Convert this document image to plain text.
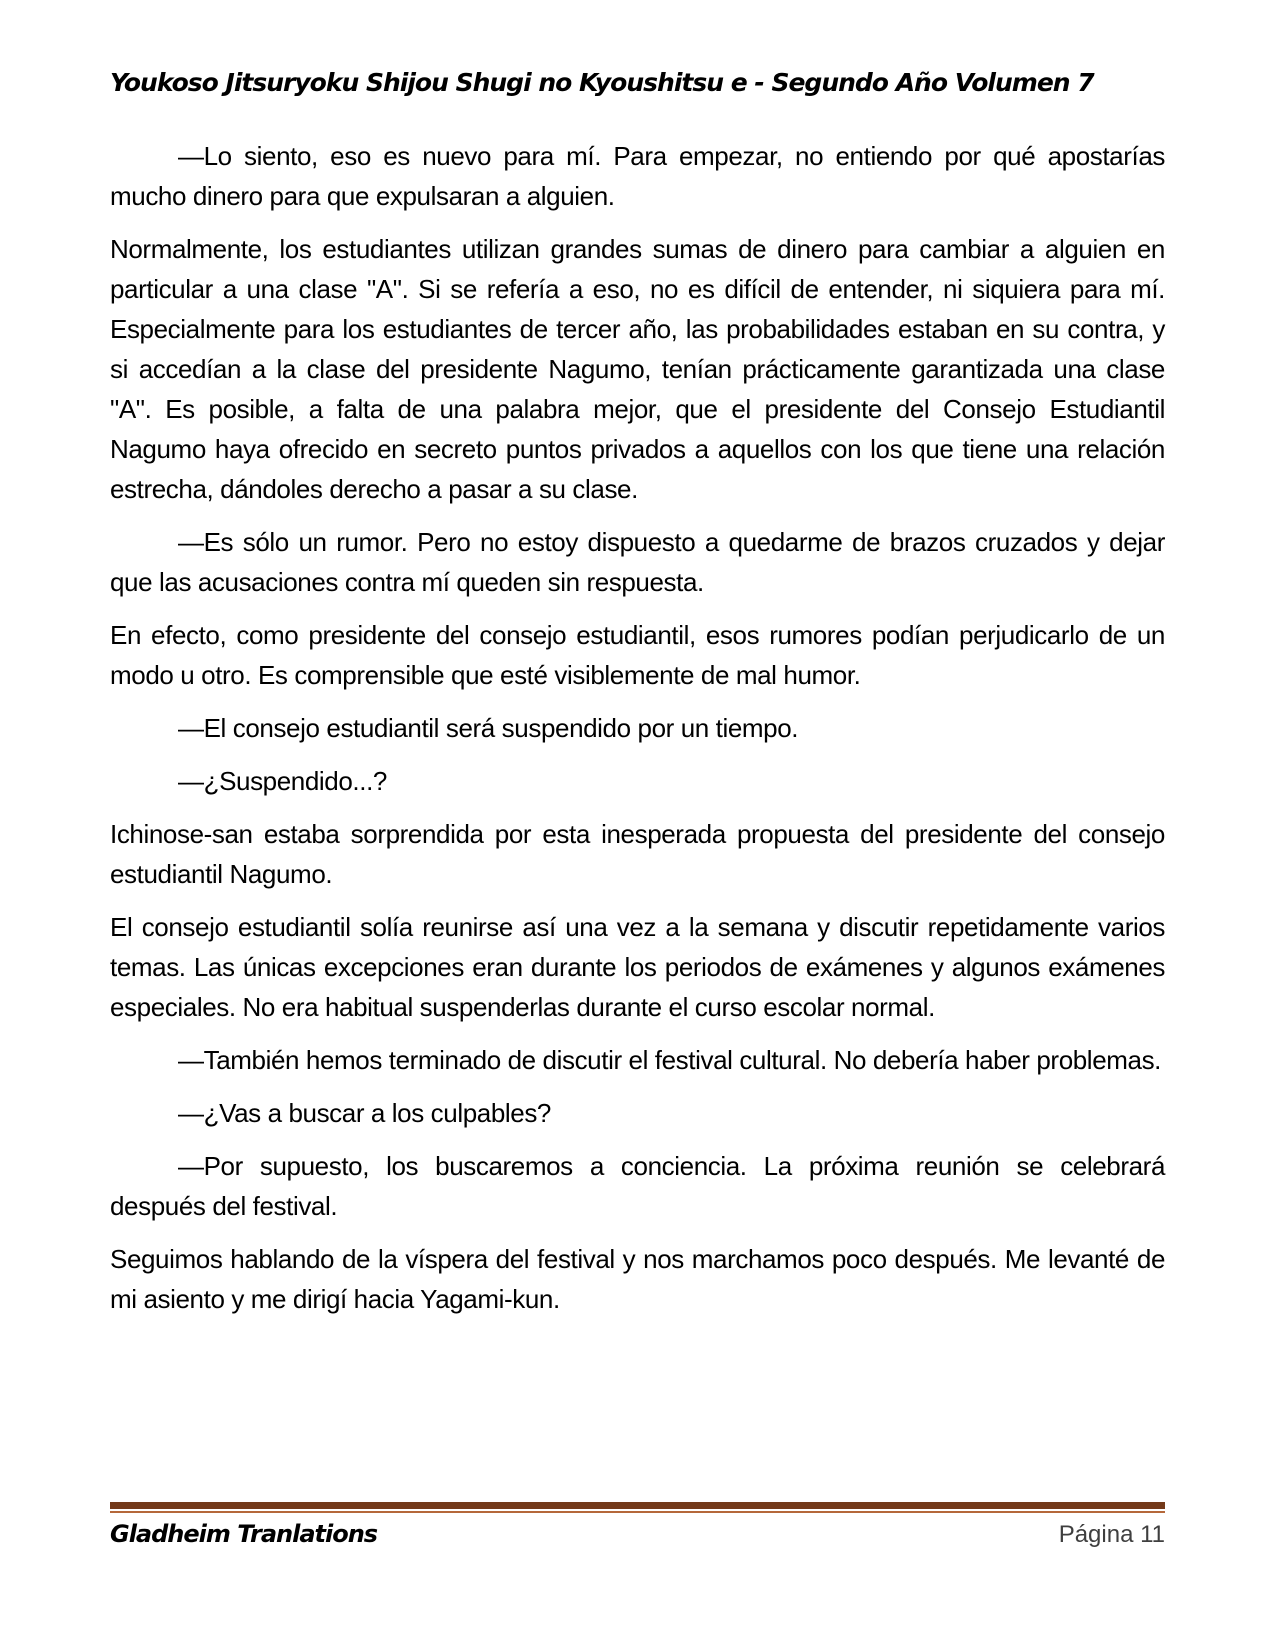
Youkoso Jitsuryoku Shijou Shugi no Kyoushitsu e - Segundo Año Volumen 7

—Lo siento, eso es nuevo para mí. Para empezar, no entiendo por qué apostarías mucho dinero para que expulsaran a alguien.

Normalmente, los estudiantes utilizan grandes sumas de dinero para cambiar a alguien en particular a una clase "A". Si se refería a eso, no es difícil de entender, ni siquiera para mí. Especialmente para los estudiantes de tercer año, las probabilidades estaban en su contra, y si accedían a la clase del presidente Nagumo, tenían prácticamente garantizada una clase "A". Es posible, a falta de una palabra mejor, que el presidente del Consejo Estudiantil Nagumo haya ofrecido en secreto puntos privados a aquellos con los que tiene una relación estrecha, dándoles derecho a pasar a su clase.

—Es sólo un rumor. Pero no estoy dispuesto a quedarme de brazos cruzados y dejar que las acusaciones contra mí queden sin respuesta.

En efecto, como presidente del consejo estudiantil, esos rumores podían perjudicarlo de un modo u otro. Es comprensible que esté visiblemente de mal humor.

—El consejo estudiantil será suspendido por un tiempo.

—¿Suspendido...?

Ichinose-san estaba sorprendida por esta inesperada propuesta del presidente del consejo estudiantil Nagumo.

El consejo estudiantil solía reunirse así una vez a la semana y discutir repetidamente varios temas. Las únicas excepciones eran durante los periodos de exámenes y algunos exámenes especiales. No era habitual suspenderlas durante el curso escolar normal.

—También hemos terminado de discutir el festival cultural. No debería haber problemas.

—¿Vas a buscar a los culpables?

—Por supuesto, los buscaremos a conciencia. La próxima reunión se celebrará después del festival.

Seguimos hablando de la víspera del festival y nos marchamos poco después. Me levanté de mi asiento y me dirigí hacia Yagami-kun.

Gladheim Tranlations	Página 11
